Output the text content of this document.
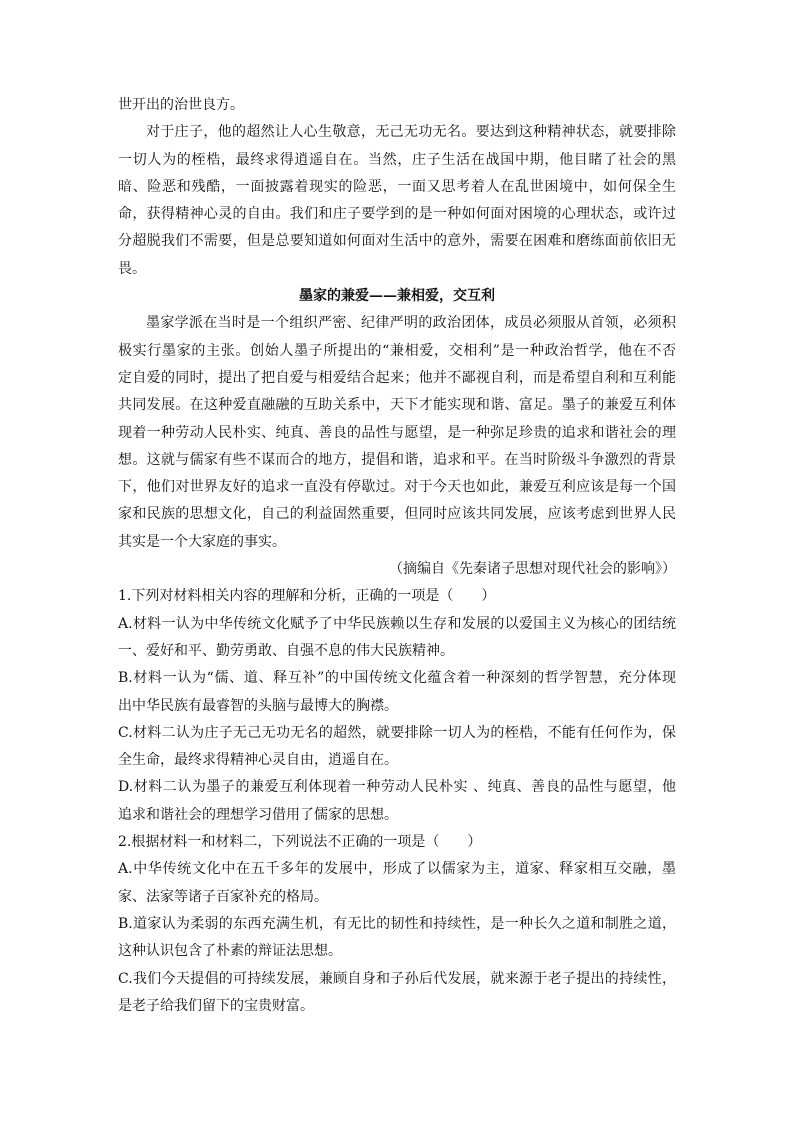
世开出的治世良方。
对于庄子，他的超然让人心生敬意，无己无功无名。要达到这种精神状态，就要排除
一切人为的桎梏，最终求得逍遥自在。当然，庄子生活在战国中期，他目睹了社会的黑
暗、险恶和残酷，一面披露着现实的险恶，一面又思考着人在乱世困境中，如何保全生
命，获得精神心灵的自由。我们和庄子要学到的是一种如何面对困境的心理状态，或许过
分超脱我们不需要，但是总要知道如何面对生活中的意外，需要在困难和磨练面前依旧无
畏。
墨家的兼爱——兼相爱，交互利
墨家学派在当时是一个组织严密、纪律严明的政治团体，成员必须服从首领，必须积
极实行墨家的主张。创始人墨子所提出的“兼相爱，交相利”是一种政治哲学，他在不否
定自爱的同时，提出了把自爱与相爱结合起来；他并不鄙视自利，而是希望自利和互利能
共同发展。在这种爱直融融的互助关系中，天下才能实现和谐、富足。墨子的兼爱互利体
现着一种劳动人民朴实、纯真、善良的品性与愿望，是一种弥足珍贵的追求和谐社会的理
想。这就与儒家有些不谋而合的地方，提倡和谐，追求和平。在当时阶级斗争激烈的背景
下，他们对世界友好的追求一直没有停歇过。对于今天也如此，兼爱互利应该是每一个国
家和民族的思想文化，自己的利益固然重要，但同时应该共同发展，应该考虑到世界人民
其实是一个大家庭的事实。
（摘编自《先秦诸子思想对现代社会的影响》）
1.下列对材料相关内容的理解和分析，正确的一项是（　　）
A.材料一认为中华传统文化赋予了中华民族赖以生存和发展的以爱国主义为核心的团结统
一、爱好和平、勤劳勇敢、自强不息的伟大民族精神。
B.材料一认为“儒、道、释互补”的中国传统文化蕴含着一种深刻的哲学智慧，充分体现
出中华民族有最睿智的头脑与最博大的胸襟。
C.材料二认为庄子无己无功无名的超然，就要排除一切人为的桎梏，不能有任何作为，保
全生命，最终求得精神心灵自由，逍遥自在。
D.材料二认为墨子的兼爱互利体现着一种劳动人民朴实 、纯真、善良的品性与愿望，他
追求和谐社会的理想学习借用了儒家的思想。
2.根据材料一和材料二，下列说法不正确的一项是（　　）
A.中华传统文化中在五千多年的发展中，形成了以儒家为主，道家、释家相互交融，墨
家、法家等诸子百家补充的格局。
B.道家认为柔弱的东西充满生机，有无比的韧性和持续性，是一种长久之道和制胜之道，
这种认识包含了朴素的辩证法思想。
C.我们今天提倡的可持续发展，兼顾自身和子孙后代发展，就来源于老子提出的持续性，
是老子给我们留下的宝贵财富。
